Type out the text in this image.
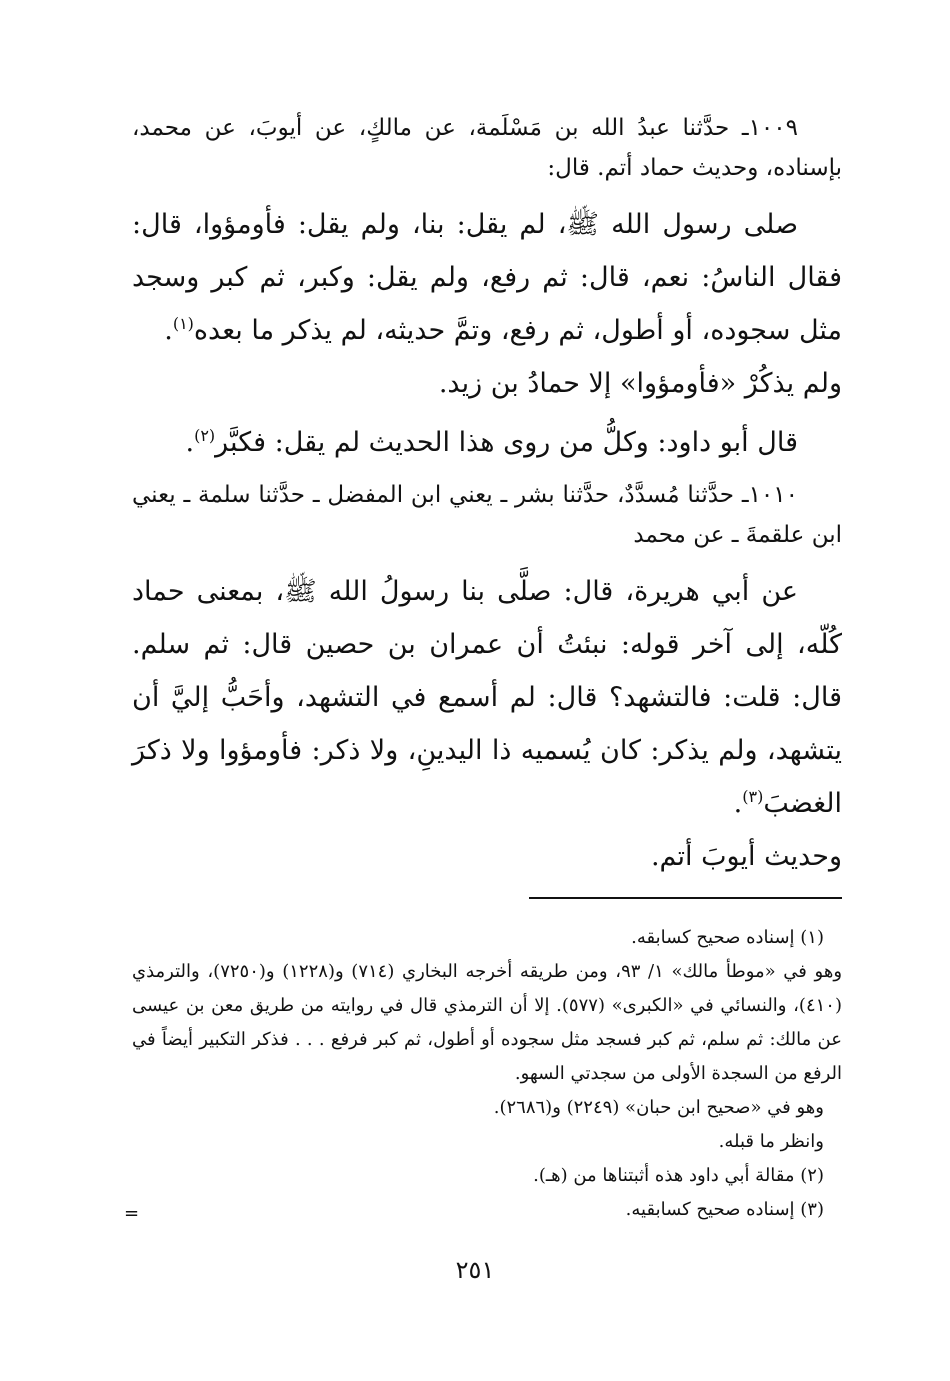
١٠٠٩ـ حدَّثنا عبدُ الله بن مَسْلَمة، عن مالكٍ، عن أيوبَ، عن محمد، بإسناده، وحديث حماد أتم. قال:

صلى رسول الله ﷺ، لم يقل: بنا، ولم يقل: فأومؤوا، قال: فقال الناسُ: نعم، قال: ثم رفع، ولم يقل: وكبر، ثم كبر وسجد مثل سجوده، أو أطول، ثم رفع، وتمَّ حديثه، لم يذكر ما بعده$^{(١)}$.
ولم يذكُرْ «فأومؤوا» إلا حمادُ بن زيد.

قال أبو داود: وكلُّ من روى هذا الحديث لم يقل: فكبَّر$^{(٢)}$.

١٠١٠ـ حدَّثنا مُسدَّدٌ، حدَّثنا بشر ـ يعني ابن المفضل ـ حدَّثنا سلمة ـ يعني ابن علقمةَ ـ عن محمد

عن أبي هريرة، قال: صلَّى بنا رسولُ الله ﷺ، بمعنى حماد كُلّه، إلى آخر قوله: نبئتُ أن عمران بن حصين قال: ثم سلم. قال: قلت: فالتشهد؟ قال: لم أسمع في التشهد، وأحَبُّ إليَّ أن يتشهد، ولم يذكر: كان يُسميه ذا اليدينِ، ولا ذكر: فأومؤوا ولا ذكرَ الغضبَ$^{(٣)}$.
وحديث أيوبَ أتم.

(١) إسناده صحيح كسابقه.

وهو في «موطأ مالك» ١/ ٩٣، ومن طريقه أخرجه البخاري (٧١٤) و(١٢٢٨) و(٧٢٥٠)، والترمذي (٤١٠)، والنسائي في «الكبرى» (٥٧٧). إلا أن الترمذي قال في روايته من طريق معن بن عيسى عن مالك: ثم سلم، ثم كبر فسجد مثل سجوده أو أطول، ثم كبر فرفع . . . فذكر التكبير أيضاً في الرفع من السجدة الأولى من سجدتي السهو.

وهو في «صحيح ابن حبان» (٢٢٤٩) و(٢٦٨٦).

وانظر ما قبله.

(٢) مقالة أبي داود هذه أثبتناها من (هـ).

(٣) إسناده صحيح كسابقيه.

=
٢٥١
